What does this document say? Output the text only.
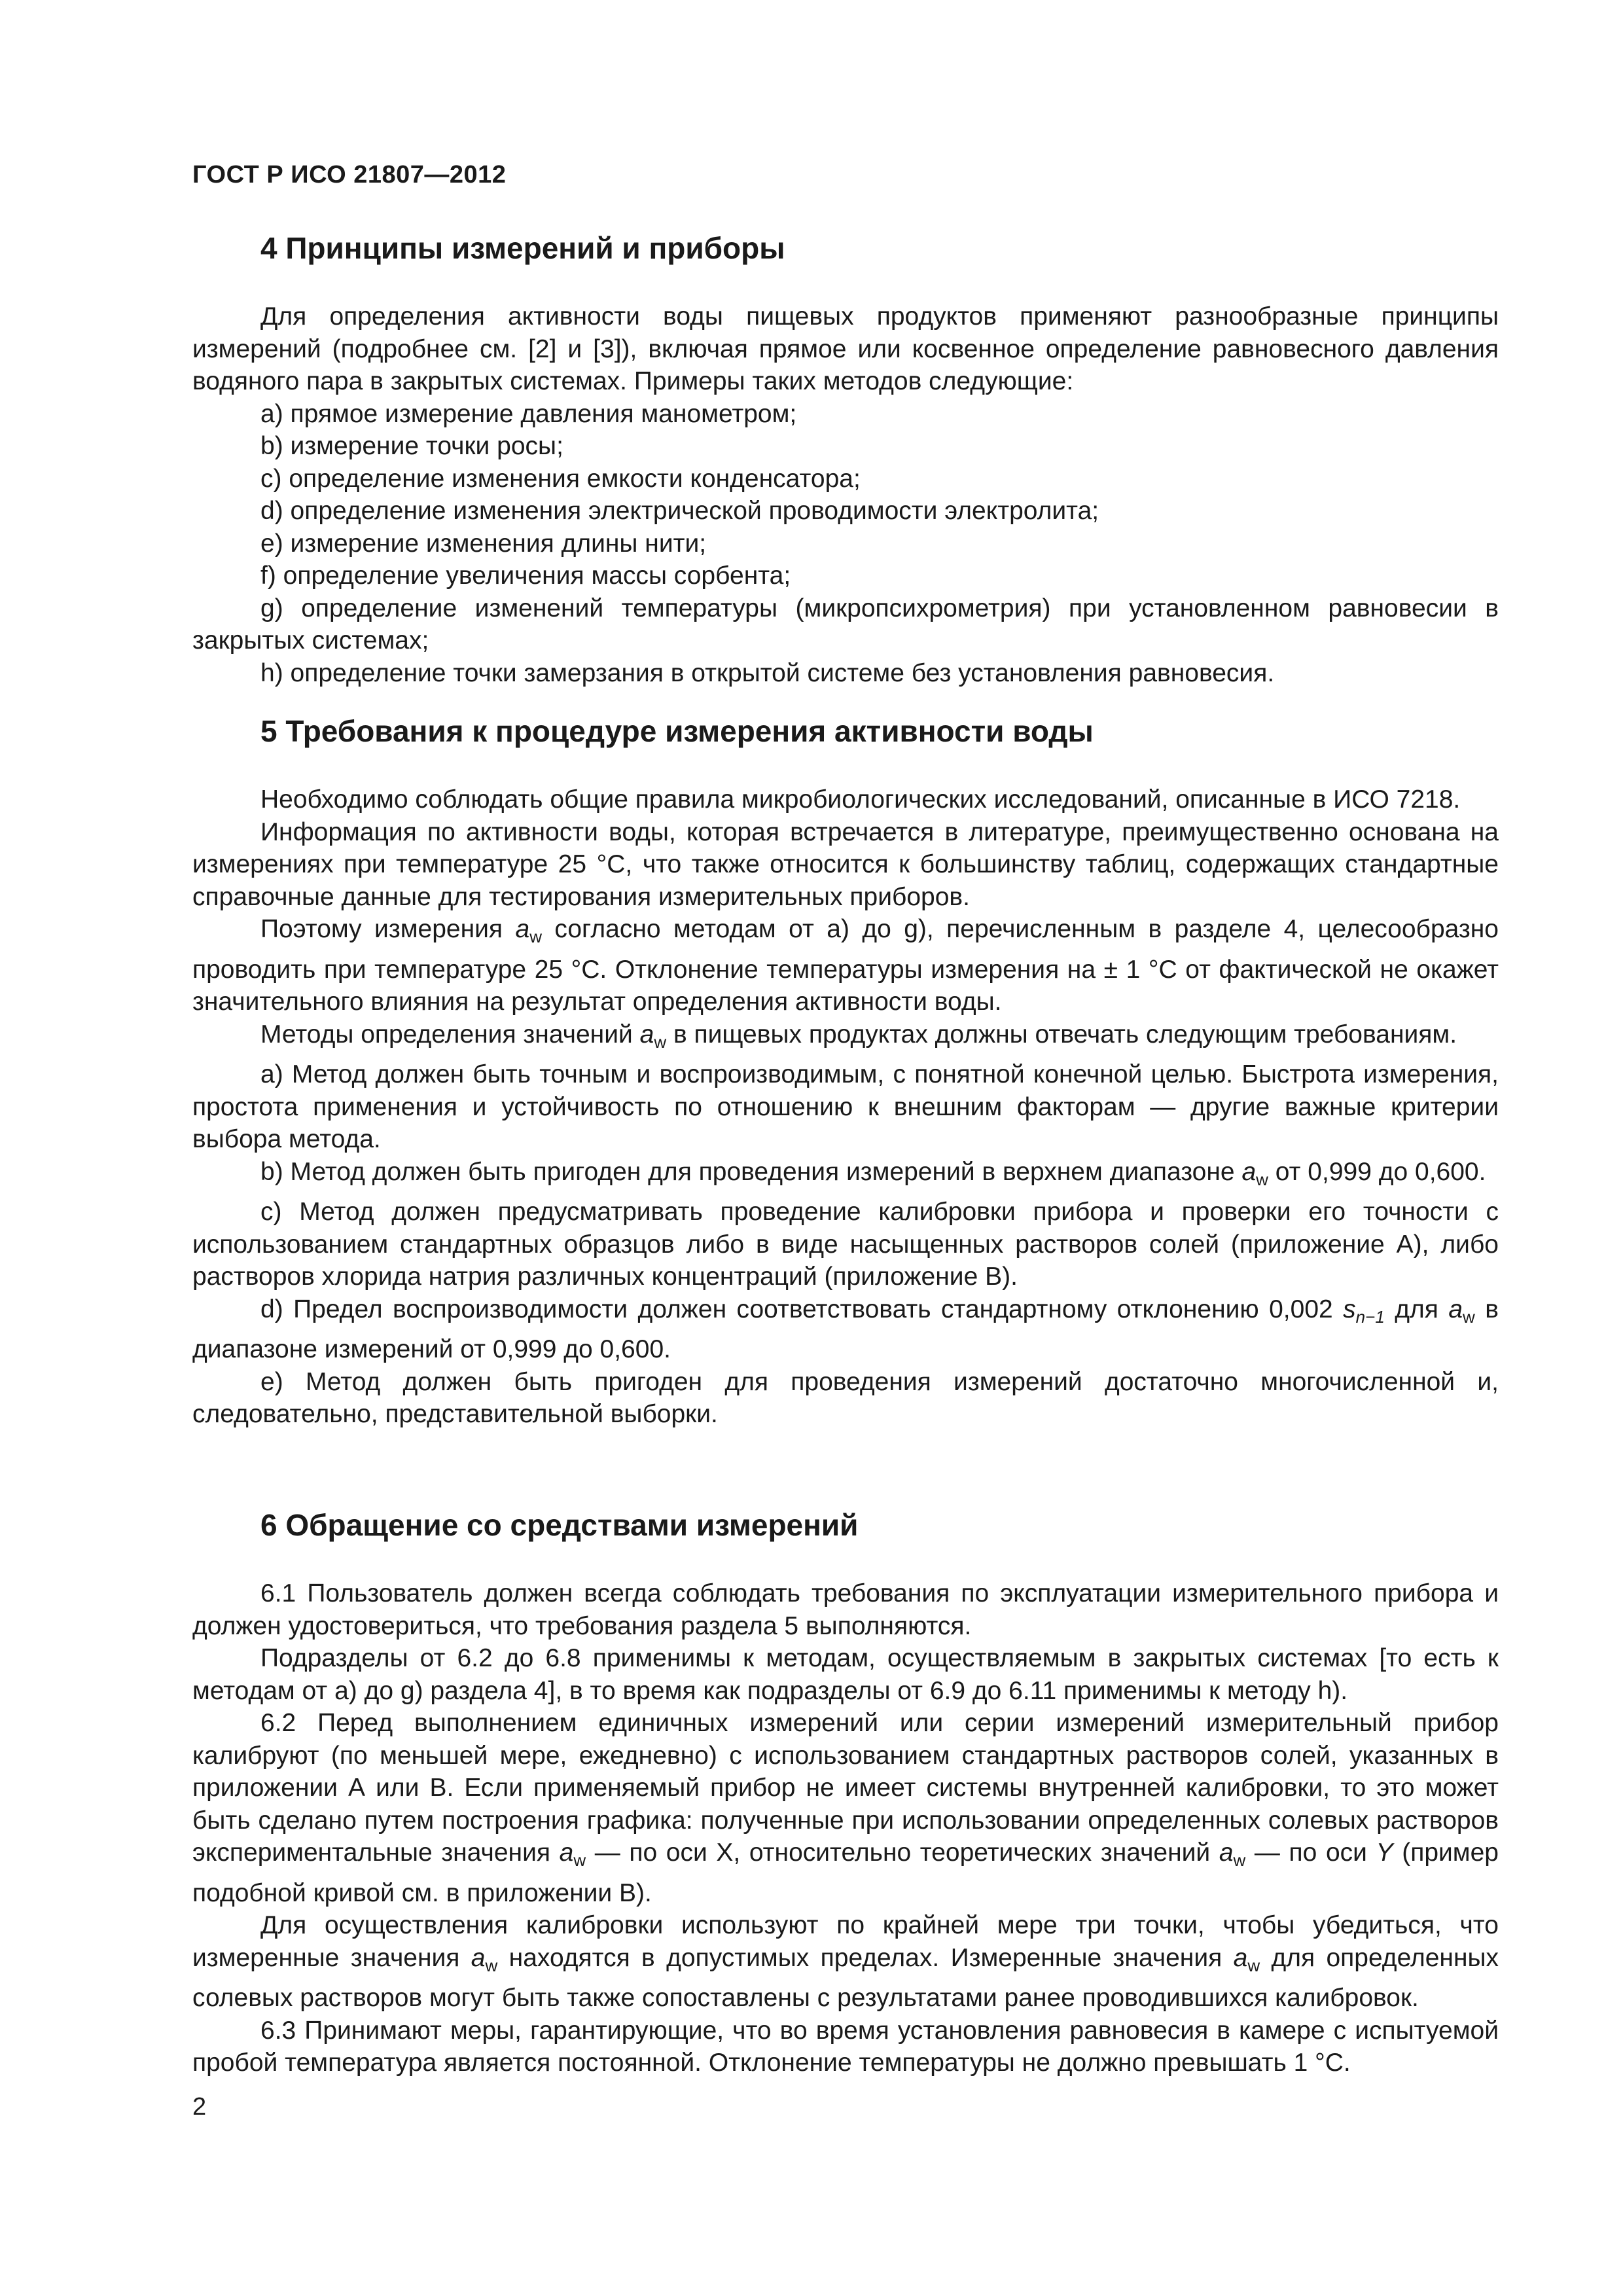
ГОСТ Р ИСО 21807—2012
4 Принципы измерений и приборы

Для определения активности воды пищевых продуктов применяют разнообразные принципы измерений (подробнее см. [2] и [3]), включая прямое или косвенное определение равновесного давления водяного пара в закрытых системах. Примеры таких методов следующие:

a) прямое измерение давления манометром;

b) измерение точки росы;

c) определение изменения емкости конденсатора;

d) определение изменения электрической проводимости электролита;

e) измерение изменения длины нити;

f) определение увеличения массы сорбента;

g) определение изменений температуры (микропсихрометрия) при установленном равновесии в закрытых системах;

h) определение точки замерзания в открытой системе без установления равновесия.

5 Требования к процедуре измерения активности воды

Необходимо соблюдать общие правила микробиологических исследований, описанные в ИСО 7218.

Информация по активности воды, которая встречается в литературе, преимущественно основана на измерениях при температуре 25 °С, что также относится к большинству таблиц, содержащих стандартные справочные данные для тестирования измерительных приборов.

Поэтому измерения $a_w$ согласно методам от а) до g), перечисленным в разделе 4, целесообразно проводить при температуре 25 °С. Отклонение температуры измерения на ± 1 °С от фактической не окажет значительного влияния на результат определения активности воды.

Методы определения значений $a_w$ в пищевых продуктах должны отвечать следующим требованиям.

а) Метод должен быть точным и воспроизводимым, с понятной конечной целью. Быстрота измерения, простота применения и устойчивость по отношению к внешним факторам — другие важные критерии выбора метода.

b) Метод должен быть пригоден для проведения измерений в верхнем диапазоне $a_w$ от 0,999 до 0,600.

c) Метод должен предусматривать проведение калибровки прибора и проверки его точности с использованием стандартных образцов либо в виде насыщенных растворов солей (приложение А), либо растворов хлорида натрия различных концентраций (приложение В).

d) Предел воспроизводимости должен соответствовать стандартному отклонению 0,002 $s_{n-1}$ для $a_w$ в диапазоне измерений от 0,999 до 0,600.

e) Метод должен быть пригоден для проведения измерений достаточно многочисленной и, следовательно, представительной выборки.

6 Обращение со средствами измерений

6.1 Пользователь должен всегда соблюдать требования по эксплуатации измерительного прибора и должен удостовериться, что требования раздела 5 выполняются.

Подразделы от 6.2 до 6.8 применимы к методам, осуществляемым в закрытых системах [то есть к методам от а) до g) раздела 4], в то время как подразделы от 6.9 до 6.11 применимы к методу h).

6.2 Перед выполнением единичных измерений или серии измерений измерительный прибор калибруют (по меньшей мере, ежедневно) с использованием стандартных растворов солей, указанных в приложении А или В. Если применяемый прибор не имеет системы внутренней калибровки, то это может быть сделано путем построения графика: полученные при использовании определенных солевых растворов экспериментальные значения $a_w$ — по оси X, относительно теоретических значений $a_w$ — по оси Y (пример подобной кривой см. в приложении В).

Для осуществления калибровки используют по крайней мере три точки, чтобы убедиться, что измеренные значения $a_w$ находятся в допустимых пределах. Измеренные значения $a_w$ для определенных солевых растворов могут быть также сопоставлены с результатами ранее проводившихся калибровок.

6.3 Принимают меры, гарантирующие, что во время установления равновесия в камере с испытуемой пробой температура является постоянной. Отклонение температуры не должно превышать 1 °С.

2
